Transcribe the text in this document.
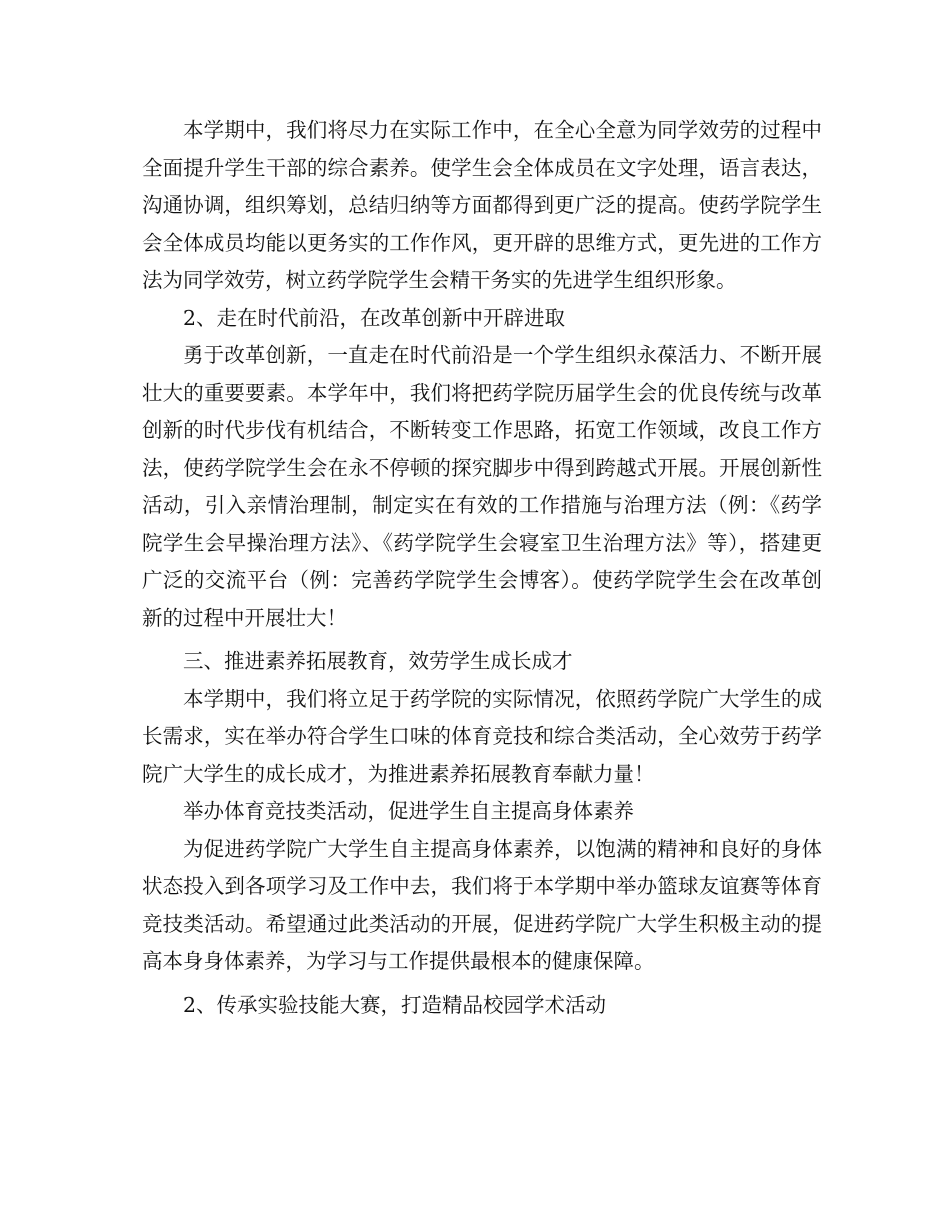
本学期中，我们将尽力在实际工作中，在全心全意为同学效劳的过程中全面提升学生干部的综合素养。使学生会全体成员在文字处理，语言表达，沟通协调，组织筹划，总结归纳等方面都得到更广泛的提高。使药学院学生会全体成员均能以更务实的工作作风，更开辟的思维方式，更先进的工作方法为同学效劳，树立药学院学生会精干务实的先进学生组织形象。

2、走在时代前沿，在改革创新中开辟进取

勇于改革创新，一直走在时代前沿是一个学生组织永葆活力、不断开展壮大的重要要素。本学年中，我们将把药学院历届学生会的优良传统与改革创新的时代步伐有机结合，不断转变工作思路，拓宽工作领域，改良工作方法，使药学院学生会在永不停顿的探究脚步中得到跨越式开展。开展创新性活动，引入亲情治理制，制定实在有效的工作措施与治理方法（例：《药学院学生会早操治理方法》、《药学院学生会寝室卫生治理方法》等），搭建更广泛的交流平台（例：完善药学院学生会博客）。使药学院学生会在改革创新的过程中开展壮大！

三、推进素养拓展教育，效劳学生成长成才

本学期中，我们将立足于药学院的实际情况，依照药学院广大学生的成长需求，实在举办符合学生口味的体育竞技和综合类活动，全心效劳于药学院广大学生的成长成才，为推进素养拓展教育奉献力量！

举办体育竞技类活动，促进学生自主提高身体素养

为促进药学院广大学生自主提高身体素养，以饱满的精神和良好的身体状态投入到各项学习及工作中去，我们将于本学期中举办篮球友谊赛等体育竞技类活动。希望通过此类活动的开展，促进药学院广大学生积极主动的提高本身身体素养，为学习与工作提供最根本的健康保障。

2、传承实验技能大赛，打造精品校园学术活动
